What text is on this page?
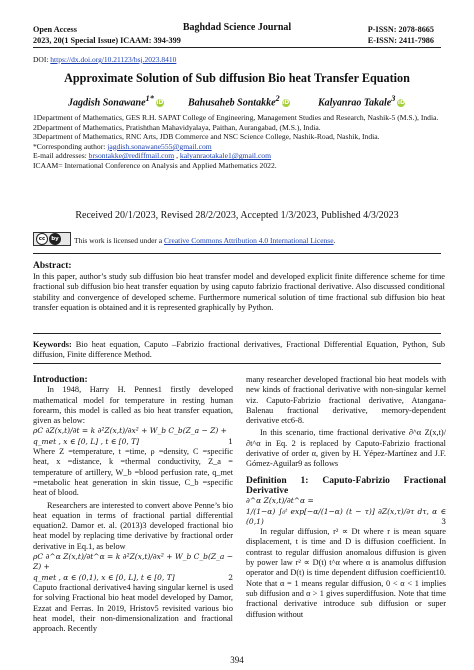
Open Access
2023, 20(1 Special Issue) ICAAM: 394-399
Baghdad Science Journal	P-ISSN: 2078-8665
E-ISSN: 2411-7986
DOI: https://dx.doi.org/10.21123/bsj.2023.8410
Approximate Solution of Sub diffusion Bio heat Transfer Equation
Jagdish Sonawane$^{1*}$ iD Bahusaheb Sontakke$^2$ iD	Kalyanrao Takale$^3$ iD

1Department of Mathematics, GES R.H. SAPAT College of Engineering, Management Studies and Research, Nashik-5 (M.S.), India.

2Department of Mathematics, Pratishthan Mahavidyalaya, Paithan, Aurangabad, (M.S.), India.

3Department of Mathematics, RNC Arts, JDB Commerce and NSC Science College, Nashik-Road, Nashik, India.

*Corresponding author: jagdish.sonawane555@gmail.com

E-mail addresses: brsontakke@rediffmail.com , kalyanraotakale1@gmail.com

ICAAM= International Conference on Analysis and Applied Mathematics 2022.

Received 20/1/2023, Revised 28/2/2023, Accepted 1/3/2023, Published 4/3/2023
cc	by This work is licensed under a Creative Commons Attribution 4.0 International License.
Abstract:
In this paper, author’s study sub diffusion bio heat transfer model and developed explicit finite difference scheme for time fractional sub diffusion bio heat transfer equation by using caputo fabrizio fractional derivative. Also discussed conditional stability and convergence of developed scheme. Furthermore numerical solution of time fractional sub diffusion bio heat transfer equation is obtained and it is represented graphically by Python.
Keywords: Bio heat equation, Caputo –Fabrizio fractional derivatives, Fractional Differential Equation, Python, Sub diffusion, Finite difference Method.

Introduction:

In 1948, Harry H. Pennes1 firstly developed mathematical model for temperature in resting human forearm, this model is called as bio heat transfer equation, given as below:

ρC ∂Z(x,t)/∂t = k ∂²Z(x,t)/∂x² + W_b C_b(Z_a − Z) +

q_met , x ∈ [0, L] , t ∈ [0, T]	1

Where Z =temperature, t =time, ρ =density, C =specific heat, x =distance, k =thermal conductivity, Z_a = temperature of artillery, W_b =blood perfusion rate, q_met =metabolic heat generation in skin tissue, C_b =specific heat of blood.

Researchers are interested to convert above Penne’s bio heat equation in terms of fractional partial differential equation2. Damor et. al. (2013)3 developed fractional bio heat model by replacing time derivative by fractional order derivative in Eq.1, as below

ρC ∂^α Z(x,t)/∂t^α = k ∂²Z(x,t)/∂x² + W_b C_b(Z_a − Z) +

q_met , α ∈ (0,1), x ∈ [0, L], t ∈ [0, T]	2

Caputo fractional derivative4 having singular kernel is used for solving Fractional bio heat model developed by Damor, Ezzat and Ferras. In 2019, Hristov5 revisited various bio heat model, their non-dimensionalization and fractional approach. Recently

many researcher developed fractional bio heat models with new kinds of fractional derivative with non-singular kernel viz. Caputo-Fabrizio fractional derivative, Atangana-Balenau fractional derivative, memory-dependent derivative etc6-8.

In this scenario, time fractional derivative ∂^α Z(x,t)/∂t^α in Eq. 2 is replaced by Caputo-Fabrizio fractional derivative of order α, given by H. Yépez-Martínez and J.F. Gómez-Aguilar9 as follows

Definition 1: Caputo-Fabrizio Fractional Derivative

∂^α Z(x,t)/∂t^α =

1/(1−α) ∫₀ᵗ exp[−α/(1−α) (t − τ)] ∂Z(x,τ)/∂τ dτ, α ∈ (0,1)	3

In regular diffusion, r² ∝ Dt where r is mean square displacement, t is time and D is diffusion coefficient. In contrast to regular diffusion anomalous diffusion is given by power law r² ∝ D(t) t^α where α is anamolus diffusion operator and D(t) is time dependent diffusion coefficient10. Note that α = 1 means regular diffusion, 0 < α < 1 implies sub diffusion and α > 1 gives superdiffusion. Note that time fractional derivative introduce sub diffusion or super diffusion without

394
